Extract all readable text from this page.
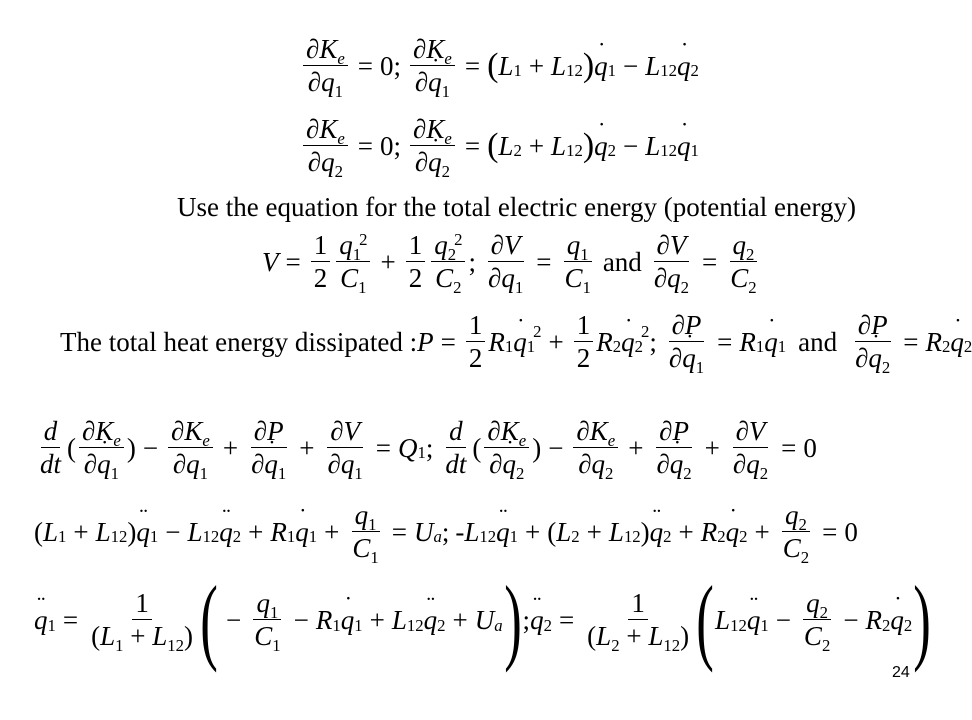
$\frac{\partial K_e}{\partial q_1} = 0$; $\frac{\partial K_e}{\partial q ˙_1}$ = ( L 1 + L 12 ) q ˙ 1 − L 12 q ˙ 2
$\frac{\partial K_e}{\partial q_2} = 0$; $\frac{\partial K_e}{\partial q ˙_2}$ = ( L 2 + L 12 ) q ˙ 2 − L 12 q ˙ 1
Use the equation for the total electric energy (potential energy)
$V = \frac{1}{2} \frac{q_1^2}{C_1} + \frac{1}{2} \frac{q_2^2}{C_2}$ ; $\frac{\partial V}{\partial q_1} = \frac{q_1}{C_1}$ and $\frac{\partial V}{\partial q_2} = \frac{q_2}{C_2}$
The total heat energy dissipated : $P = \frac{1}{2}$ R 1 q ˙ 1
$2 + \frac{1}{2}$ R 2 q ˙ 2
2 ; $\frac{\partial P}{\partial q ˙_1} = R$ 1 q ˙ 1 and $\frac{\partial P}{\partial q ˙_2} = R$ 2 q ˙ 2
$\frac{d}{dt}$ ( $\frac{\partial K_e}{\partial q ˙_1}$ ) − $\frac{\partial K_e}{\partial q_1} + \frac{\partial P}{\partial q ˙_1} + \frac{\partial V}{\partial q_1} = Q$ 1 ; $\frac{d}{dt}$ ( $\frac{\partial K_e}{\partial q ˙_2}$ ) − $\frac{\partial K_e}{\partial q_2} + \frac{\partial P}{\partial q ˙_2} + \frac{\partial V}{\partial q_2} = 0$
( L 1 + L 12 ) q ¨ 1 − L 12 q ¨ 2 + R 1 q ˙ $1 + \frac{q_1}{C_1} = U$ a ; - L 12 q ¨ 1 + ( L 2 + L 12 ) q ¨ 2 + R 2 q ˙ $2 + \frac{q_2}{C_2} = 0$
q ¨ $1 = \frac{1}{(L_1 + L_{12})}$ ( − $\frac{q_1}{C_1} - R$ 1 q ˙ 1 + L 12 q ¨ 2 + U a ) ; q ¨ $2 = \frac{1}{(L_2 + L_{12})}$ ( L 12 q ¨ $1 - \frac{q_2}{C_2} - R$ 2 q ˙ 2 )
24
